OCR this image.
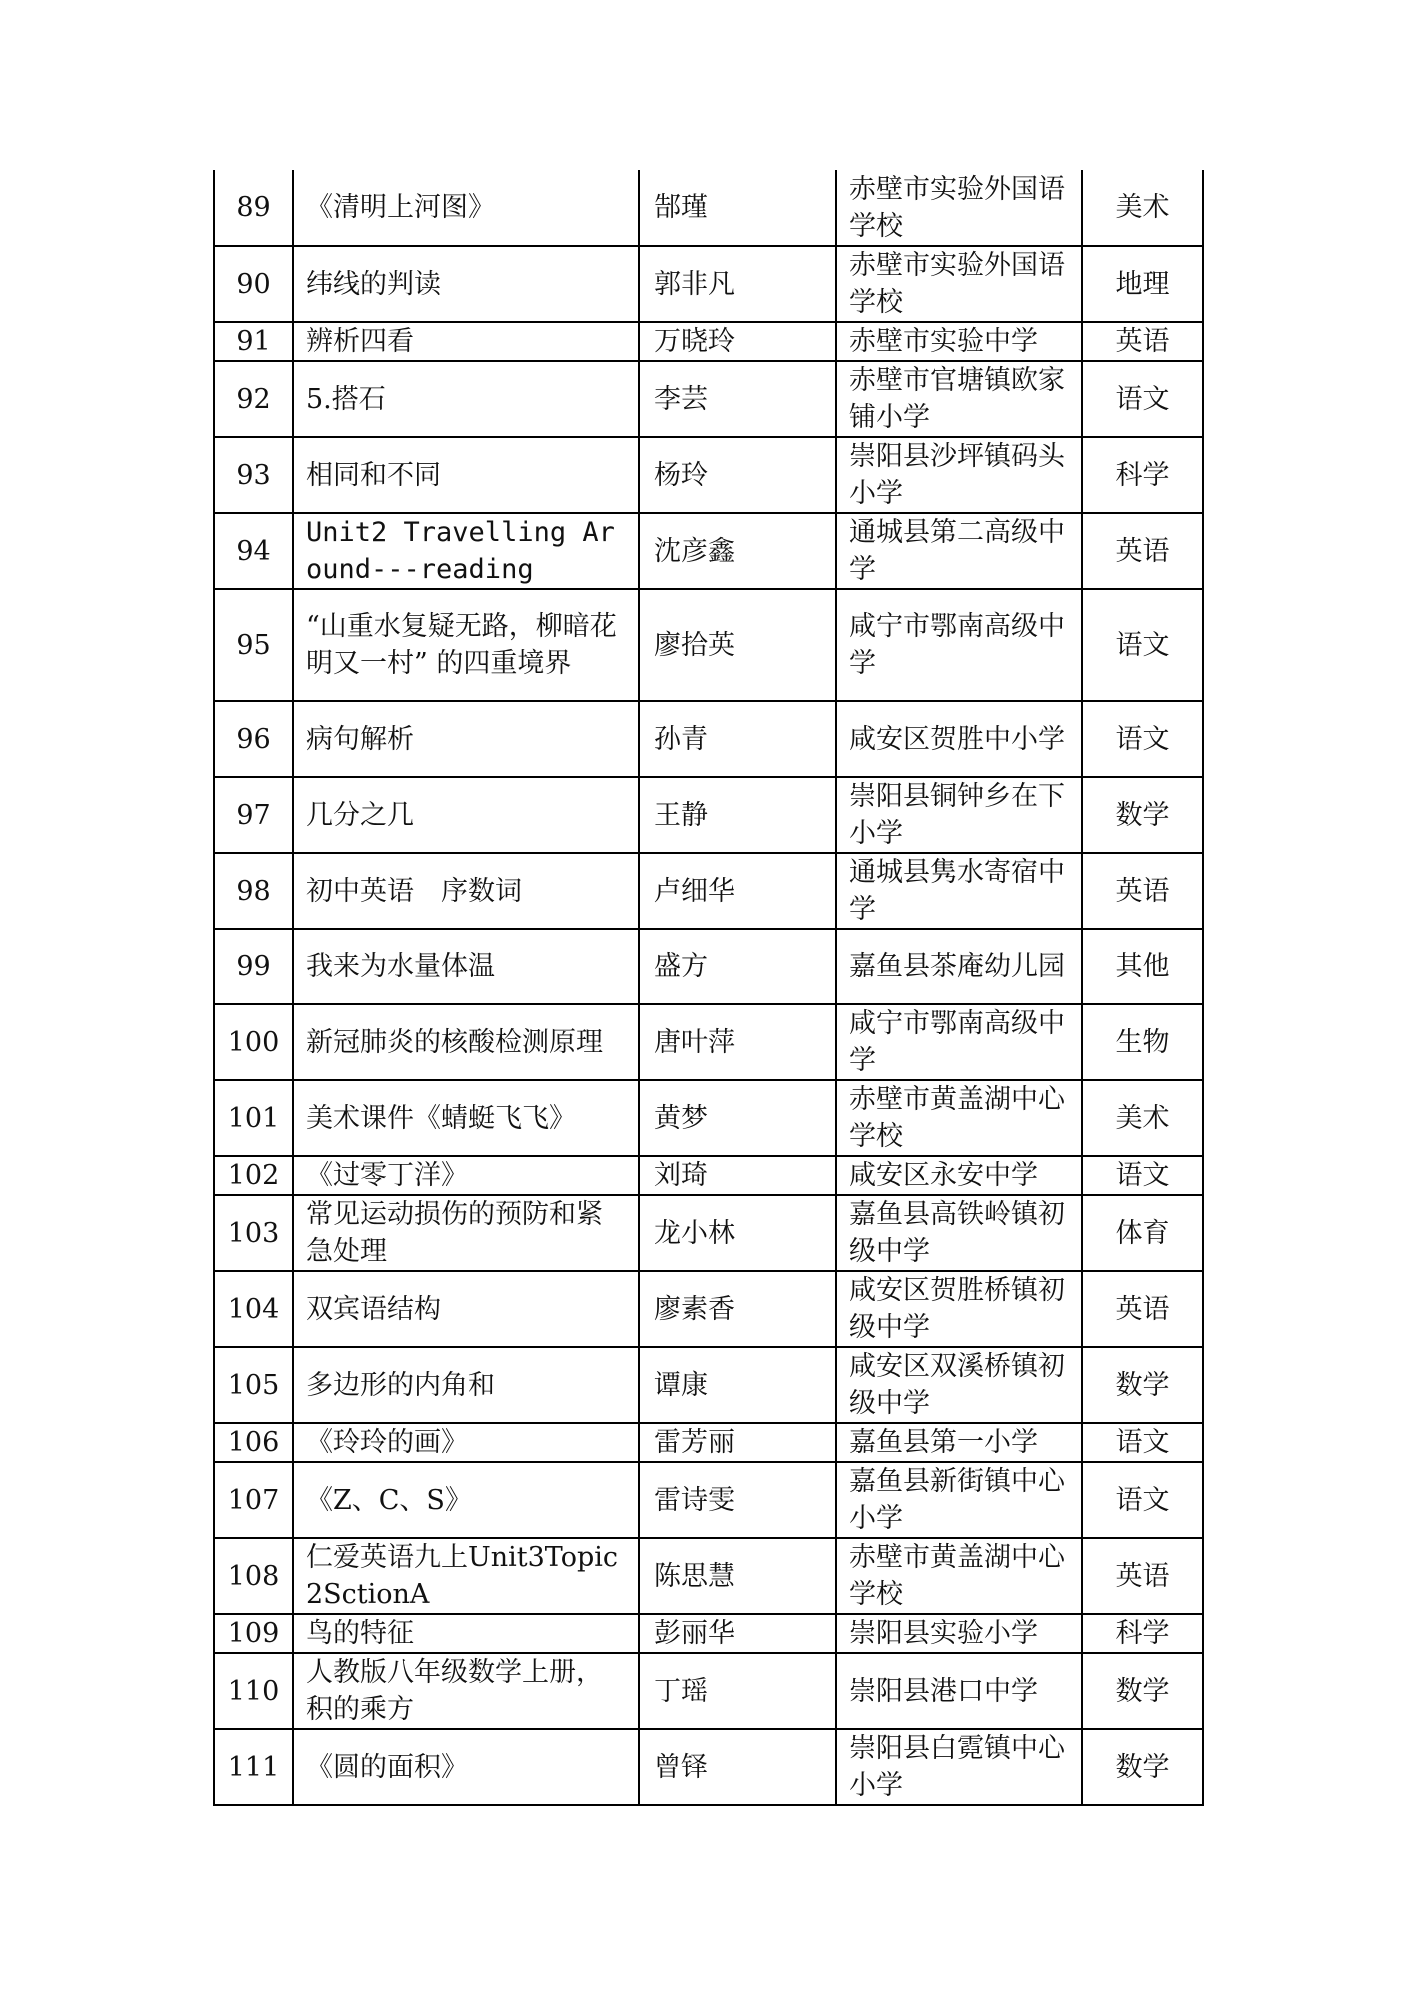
89	《清明上河图》	郜瑾	赤壁市实验外国语学校	美术
90	纬线的判读	郭非凡	赤壁市实验外国语学校	地理
91	辨析四看	万晓玲	赤壁市实验中学	英语
92	5.搭石	李芸	赤壁市官塘镇欧家铺小学	语文
93	相同和不同	杨玲	崇阳县沙坪镇码头小学	科学
94	Unit2 Travelling Around---reading	沈彦鑫	通城县第二高级中学	英语
95	“山重水复疑无路，柳暗花明又一村” 的四重境界	廖拾英	咸宁市鄂南高级中学	语文
96	病句解析	孙青	咸安区贺胜中小学	语文
97	几分之几	王静	崇阳县铜钟乡在下小学	数学
98	初中英语　序数词	卢细华	通城县隽水寄宿中学	英语
99	我来为水量体温	盛方	嘉鱼县茶庵幼儿园	其他
100	新冠肺炎的核酸检测原理	唐叶萍	咸宁市鄂南高级中学	生物
101	美术课件《蜻蜓飞飞》	黄梦	赤壁市黄盖湖中心学校	美术
102	《过零丁洋》	刘琦	咸安区永安中学	语文
103	常见运动损伤的预防和紧急处理	龙小林	嘉鱼县高铁岭镇初级中学	体育
104	双宾语结构	廖素香	咸安区贺胜桥镇初级中学	英语
105	多边形的内角和	谭康	咸安区双溪桥镇初级中学	数学
106	《玲玲的画》	雷芳丽	嘉鱼县第一小学	语文
107	《Z、C、S》	雷诗雯	嘉鱼县新街镇中心小学	语文
108	仁爱英语九上Unit3Topic2SctionA	陈思慧	赤壁市黄盖湖中心学校	英语
109	鸟的特征	彭丽华	崇阳县实验小学	科学
110	人教版八年级数学上册，积的乘方	丁瑶	崇阳县港口中学	数学
111	《圆的面积》	曾铎	崇阳县白霓镇中心小学	数学
